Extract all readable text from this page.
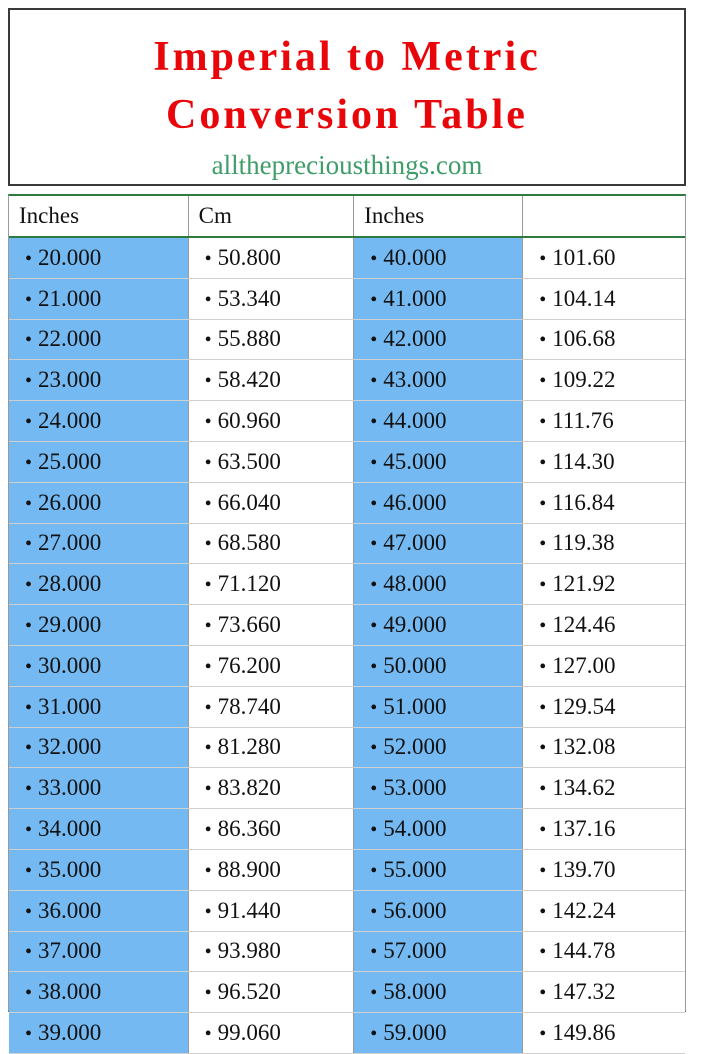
Imperial to Metric
Conversion Table
allthepreciousthings.com
Inches	Cm	Inches	
• 20.000	• 50.800	• 40.000	• 101.60
• 21.000	• 53.340	• 41.000	• 104.14
• 22.000	• 55.880	• 42.000	• 106.68
• 23.000	• 58.420	• 43.000	• 109.22
• 24.000	• 60.960	• 44.000	• 111.76
• 25.000	• 63.500	• 45.000	• 114.30
• 26.000	• 66.040	• 46.000	• 116.84
• 27.000	• 68.580	• 47.000	• 119.38
• 28.000	• 71.120	• 48.000	• 121.92
• 29.000	• 73.660	• 49.000	• 124.46
• 30.000	• 76.200	• 50.000	• 127.00
• 31.000	• 78.740	• 51.000	• 129.54
• 32.000	• 81.280	• 52.000	• 132.08
• 33.000	• 83.820	• 53.000	• 134.62
• 34.000	• 86.360	• 54.000	• 137.16
• 35.000	• 88.900	• 55.000	• 139.70
• 36.000	• 91.440	• 56.000	• 142.24
• 37.000	• 93.980	• 57.000	• 144.78
• 38.000	• 96.520	• 58.000	• 147.32
• 39.000	• 99.060	• 59.000	• 149.86
